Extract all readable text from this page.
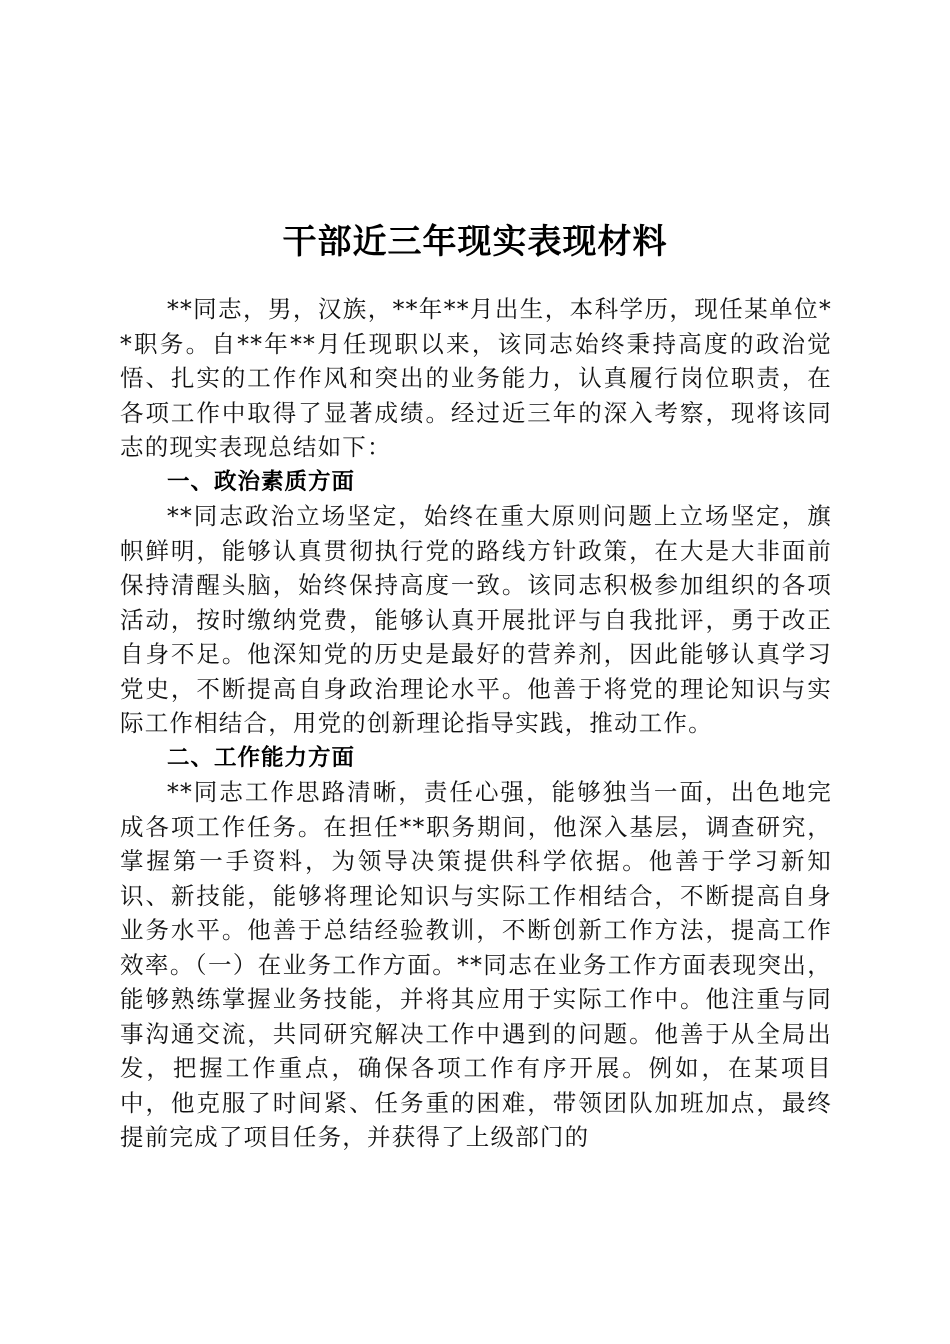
干部近三年现实表现材料

**同志，男，汉族，**年**月出生，本科学历，现任某单位**职务。自**年**月任现职以来，该同志始终秉持高度的政治觉悟、扎实的工作作风和突出的业务能力，认真履行岗位职责，在各项工作中取得了显著成绩。经过近三年的深入考察，现将该同志的现实表现总结如下：

一、政治素质方面

**同志政治立场坚定，始终在重大原则问题上立场坚定，旗帜鲜明，能够认真贯彻执行党的路线方针政策，在大是大非面前保持清醒头脑，始终保持高度一致。该同志积极参加组织的各项活动，按时缴纳党费，能够认真开展批评与自我批评，勇于改正自身不足。他深知党的历史是最好的营养剂，因此能够认真学习党史，不断提高自身政治理论水平。他善于将党的理论知识与实际工作相结合，用党的创新理论指导实践，推动工作。

二、工作能力方面

**同志工作思路清晰，责任心强，能够独当一面，出色地完成各项工作任务。在担任**职务期间，他深入基层，调查研究，掌握第一手资料，为领导决策提供科学依据。他善于学习新知识、新技能，能够将理论知识与实际工作相结合，不断提高自身业务水平。他善于总结经验教训，不断创新工作方法，提高工作效率。（一）在业务工作方面。**同志在业务工作方面表现突出，能够熟练掌握业务技能，并将其应用于实际工作中。他注重与同事沟通交流，共同研究解决工作中遇到的问题。他善于从全局出发，把握工作重点，确保各项工作有序开展。例如，在某项目中，他克服了时间紧、任务重的困难，带领团队加班加点，最终提前完成了项目任务，并获得了上级部门的
